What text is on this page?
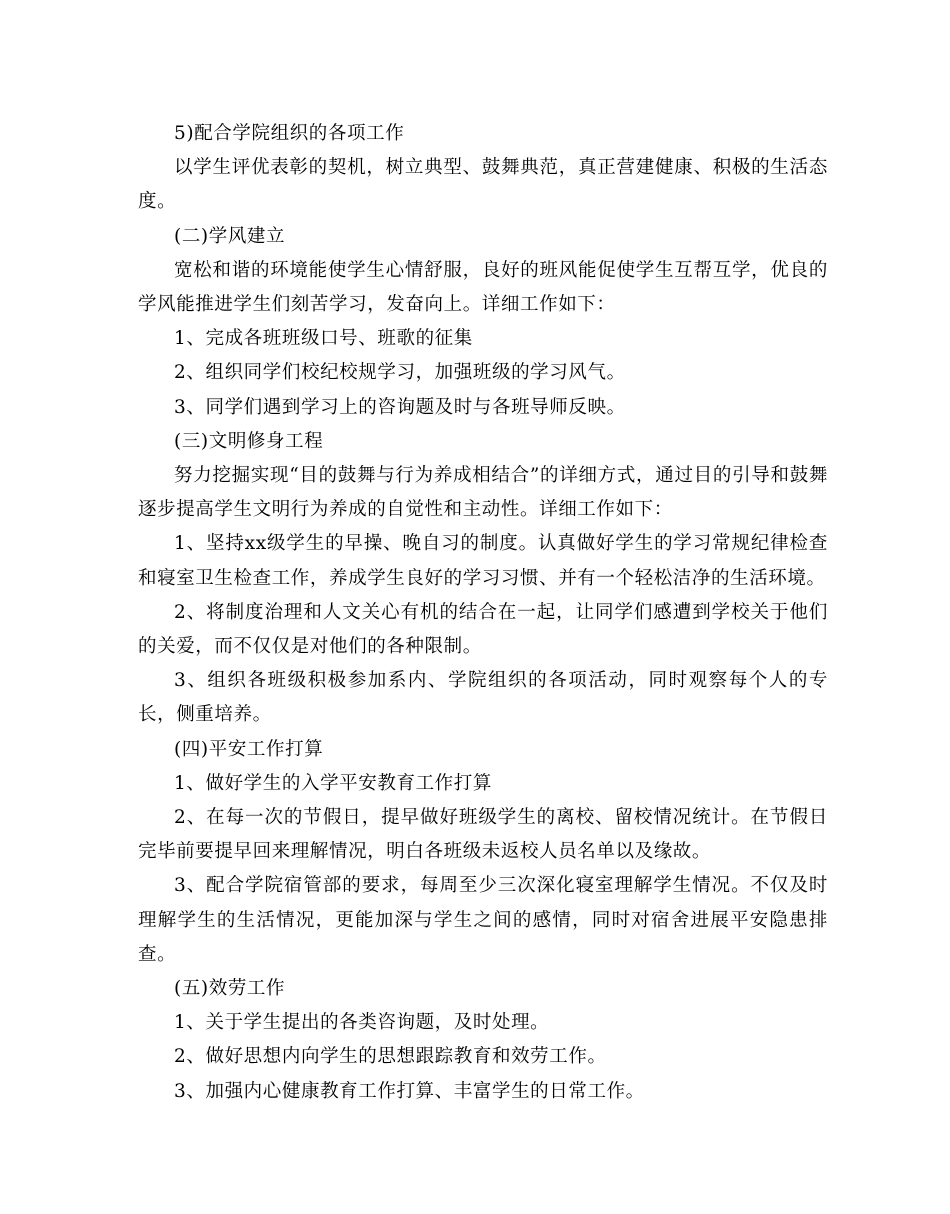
5)配合学院组织的各项工作

以学生评优表彰的契机，树立典型、鼓舞典范，真正营建健康、积极的生活态度。

(二)学风建立

宽松和谐的环境能使学生心情舒服，良好的班风能促使学生互帮互学，优良的学风能推进学生们刻苦学习，发奋向上。详细工作如下：

1、完成各班班级口号、班歌的征集

2、组织同学们校纪校规学习，加强班级的学习风气。

3、同学们遇到学习上的咨询题及时与各班导师反映。

(三)文明修身工程

努力挖掘实现“目的鼓舞与行为养成相结合”的详细方式，通过目的引导和鼓舞逐步提高学生文明行为养成的自觉性和主动性。详细工作如下：

1、坚持xx级学生的早操、晚自习的制度。认真做好学生的学习常规纪律检查和寝室卫生检查工作，养成学生良好的学习习惯、并有一个轻松洁净的生活环境。

2、将制度治理和人文关心有机的结合在一起，让同学们感遭到学校关于他们的关爱，而不仅仅是对他们的各种限制。

3、组织各班级积极参加系内、学院组织的各项活动，同时观察每个人的专长，侧重培养。

(四)平安工作打算

1、做好学生的入学平安教育工作打算

2、在每一次的节假日，提早做好班级学生的离校、留校情况统计。在节假日完毕前要提早回来理解情况，明白各班级未返校人员名单以及缘故。

3、配合学院宿管部的要求，每周至少三次深化寝室理解学生情况。不仅及时理解学生的生活情况，更能加深与学生之间的感情，同时对宿舍进展平安隐患排查。

(五)效劳工作

1、关于学生提出的各类咨询题，及时处理。

2、做好思想内向学生的思想跟踪教育和效劳工作。

3、加强内心健康教育工作打算、丰富学生的日常工作。
